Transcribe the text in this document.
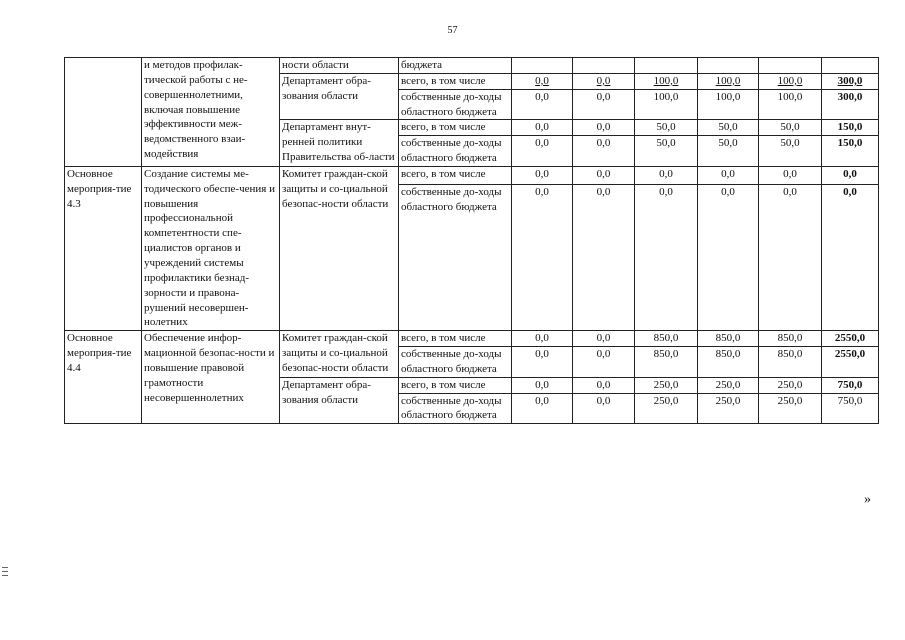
57
	и методов профилак-тической работы с не-совершеннолетними, включая повышение эффективности меж-ведомственного взаи-модействия	ности области	бюджета						
		Департамент обра-зования области	всего, в том числе	0,0	0,0	100,0	100,0	100,0	300,0
			собственные до-ходы областного бюджета	0,0	0,0	100,0	100,0	100,0	300,0
		Департамент внут-ренней политики Правительства об-ласти	всего, в том числе	0,0	0,0	50,0	50,0	50,0	150,0
			собственные до-ходы областного бюджета	0,0	0,0	50,0	50,0	50,0	150,0
Основное мероприя-тие 4.3	Создание системы ме-тодического обеспе-чения и повышения профессиональной компетентности спе-циалистов органов и учреждений системы профилактики безнад-зорности и правона-рушений несовершен-нолетних	Комитет граждан-ской защиты и со-циальной безопас-ности области	всего, в том числе	0,0	0,0	0,0	0,0	0,0	0,0
			собственные до-ходы областного бюджета	0,0	0,0	0,0	0,0	0,0	0,0
Основное мероприя-тие 4.4	Обеспечение инфор-мационной безопас-ности и повышение правовой грамотности несовершеннолетних	Комитет граждан-ской защиты и со-циальной безопас-ности области	всего, в том числе	0,0	0,0	850,0	850,0	850,0	2550,0
			собственные до-ходы областного бюджета	0,0	0,0	850,0	850,0	850,0	2550,0
		Департамент обра-зования области	всего, в том числе	0,0	0,0	250,0	250,0	250,0	750,0
			собственные до-ходы областного бюджета	0,0	0,0	250,0	250,0	250,0	750,0
»
